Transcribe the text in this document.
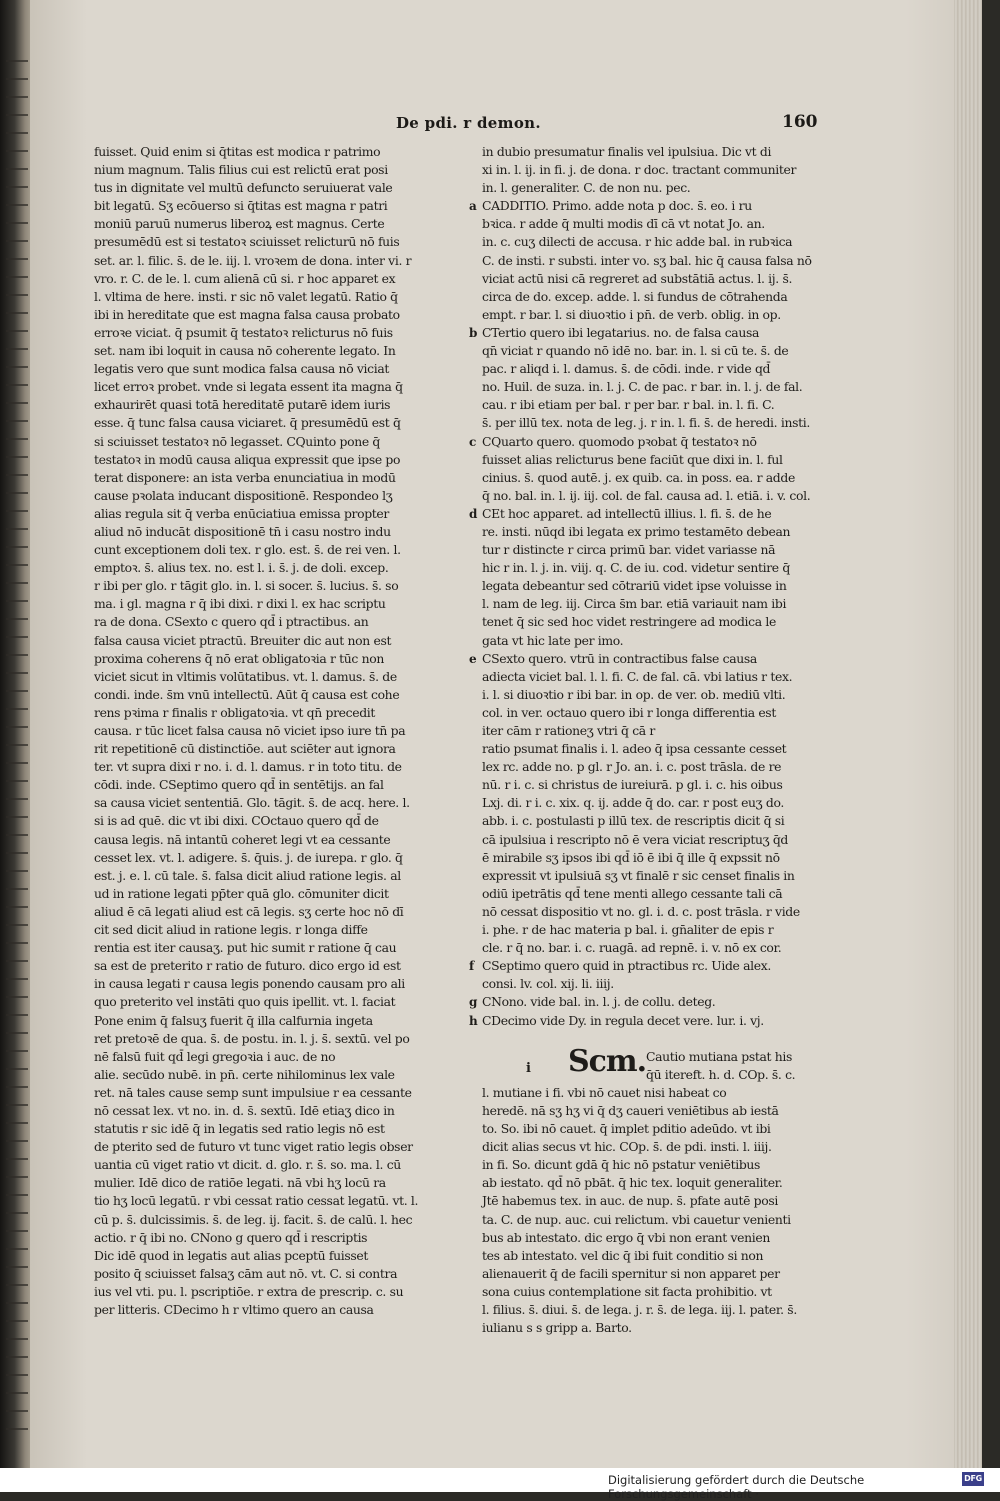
De pdi. r demon.	160
fuisset. Quid enim si q̄titas est modica r patrimo
nium magnum. Talis filius cui est relictū erat posi
tus in dignitate vel multū defuncto seruiuerat vale
bit legatū. Sʒ ecōuerso si q̄titas est magna r patri
moniū paruū numerus liberoꝝ est magnus. Certe
presumēdū est si testatoꝛ sciuisset relicturū nō fuis
set. ar. l. filic. s̄. de le. iij. l. vroꝛem de dona. inter vi. r
vro. r. C. de le. l. cum alienā cū si. r hoc apparet ex
l. vltima de here. insti. r sic nō valet legatū. Ratio q̄
ibi in hereditate que est magna falsa causa probato
erroꝛe viciat. q̄ psumit q̄ testatoꝛ relicturus nō fuis
set. nam ibi loquit in causa nō coherente legato. In
legatis vero que sunt modica falsa causa nō viciat
licet erroꝛ probet. vnde si legata essent ita magna q̄
exhaurirēt quasi totā hereditatē putarē idem iuris
esse. q̄ tunc falsa causa viciaret. q̄ presumēdū est q̄
si sciuisset testatoꝛ nō legasset. CQuinto pone q̄
testatoꝛ in modū causa aliqua expressit que ipse po
terat disponere: an ista verba enunciatiua in modū
cause pꝛolata inducant dispositionē. Respondeo lʒ
alias regula sit q̄ verba enūciatiua emissa propter
aliud nō inducāt dispositionē tn̄ i casu nostro indu
cunt exceptionem doli tex. r glo. est. s̄. de rei ven. l.
emptoꝛ. s̄. alius tex. no. est l. i. s̄. j. de doli. excep.
r ibi per glo. r tāgit glo. in. l. si socer. s̄. lucius. s̄. so
ma. i gl. magna r q̄ ibi dixi. r dixi l. ex hac scriptu
ra de dona. CSexto c quero qd̄ i ptractibus. an
falsa causa viciet ptractū. Breuiter dic aut non est
proxima coherens q̄ nō erat obligatoꝛia r tūc non
viciet sicut in vltimis volūtatibus. vt. l. damus. s̄. de
condi. inde. s̄m vnū intellectū. Aūt q̄ causa est cohe
rens pꝛima r finalis r obligatoꝛia. vt qn̄ precedit
causa. r tūc licet falsa causa nō viciet ipso iure tn̄ pa
rit repetitionē cū distinctiōe. aut sciēter aut ignora
ter. vt supra dixi r no. i. d. l. damus. r in toto titu. de
cōdi. inde. CSeptimo quero qd̄ in sentētijs. an fal
sa causa viciet sententiā. Glo. tāgit. s̄. de acq. here. l.
si is ad quē. dic vt ibi dixi. COctauo quero qd̄ de
causa legis. nā intantū coheret legi vt ea cessante
cesset lex. vt. l. adigere. s̄. q̄uis. j. de iurepa. r glo. q̄
est. j. e. l. cū tale. s̄. falsa dicit aliud ratione legis. al
ud in ratione legati pp̄ter quā glo. cōmuniter dicit
aliud ē cā legati aliud est cā legis. sʒ certe hoc nō dī
cit sed dicit aliud in ratione legis. r longa diffe
rentia est iter causaʒ. put hic sumit r ratione q̄ cau
sa est de preterito r ratio de futuro. dico ergo id est
in causa legati r causa legis ponendo causam pro ali
quo preterito vel instāti quo quis ipellit. vt. l. faciat
Pone enim q̄ falsuʒ fuerit q̄ illa calfurnia ingeta
ret pretoꝛē de qua. s̄. de postu. in. l. j. s̄. sextū. vel po
nē falsū fuit qd̄ legi gregoꝛia i auc. de no
alie. secūdo nubē. in pn̄. certe nihilominus lex vale
ret. nā tales cause semp sunt impulsiue r ea cessante
nō cessat lex. vt no. in. d. s̄. sextū. Idē etiaʒ dico in
statutis r sic idē q̄ in legatis sed ratio legis nō est
de pterito sed de futuro vt tunc viget ratio legis obser
uantia cū viget ratio vt dicit. d. glo. r. s̄. so. ma. l. cū
mulier. Idē dico de ratiōe legati. nā vbi hʒ locū ra
tio hʒ locū legatū. r vbi cessat ratio cessat legatū. vt. l.
cū p. s̄. dulcissimis. s̄. de leg. ij. facit. s̄. de calū. l. hec
actio. r q̄ ibi no. CNono g quero qd̄ i rescriptis
Dic idē quod in legatis aut alias pceptū fuisset
posito q̄ sciuisset falsaʒ cām aut nō. vt. C. si contra
ius vel vti. pu. l. pscriptiōe. r extra de prescrip. c. su
per litteris. CDecimo h r vltimo quero an causa
in dubio presumatur finalis vel ipulsiua. Dic vt di
xi in. l. ij. in fi. j. de dona. r doc. tractant communiter
in. l. generaliter. C. de non nu. pec.
a CADDITIO. Primo. adde nota p doc. s̄. eo. i ru
bꝛica. r adde q̄ multi modis dī cā vt notat Jo. an.
in. c. cuʒ dilecti de accusa. r hic adde bal. in rubꝛica
C. de insti. r substi. inter vo. sʒ bal. hic q̄ causa falsa nō
viciat actū nisi cā regreret ad substātiā actus. l. ij. s̄.
circa de do. excep. adde. l. si fundus de cōtrahenda
empt. r bar. l. si diuoꝛtio i pn̄. de verb. oblig. in op.
b CTertio quero ibi legatarius. no. de falsa causa
qn̄ viciat r quando nō idē no. bar. in. l. si cū te. s̄. de
pac. r aliqd i. l. damus. s̄. de cōdi. inde. r vide qd̄
no. Huil. de suza. in. l. j. C. de pac. r bar. in. l. j. de fal.
cau. r ibi etiam per bal. r per bar. r bal. in. l. fi. C.
s̄. per illū tex. nota de leg. j. r in. l. fi. s̄. de heredi. insti.
c CQuarto quero. quomodo pꝛobat q̄ testatoꝛ nō
fuisset alias relicturus bene faciūt que dixi in. l. ful
cinius. s̄. quod autē. j. ex quib. ca. in poss. ea. r adde
q̄ no. bal. in. l. ij. iij. col. de fal. causa ad. l. etiā. i. v. col.
d CEt hoc apparet. ad intellectū illius. l. fi. s̄. de he
re. insti. nūqd ibi legata ex primo testamēto debean
tur r distincte r circa primū bar. videt variasse nā
hic r in. l. j. in. viij. q. C. de iu. cod. videtur sentire q̄
legata debeantur sed cōtrariū videt ipse voluisse in
l. nam de leg. iij. Circa s̄m bar. etiā variauit nam ibi
tenet q̄ sic sed hoc videt restringere ad modica le
gata vt hic late per imo.
e CSexto quero. vtrū in contractibus false causa
adiecta viciet bal. l. l. fi. C. de fal. cā. vbi latius r tex.
i. l. si diuoꝛtio r ibi bar. in op. de ver. ob. mediū vlti.
col. in ver. octauo quero ibi r longa differentia est
iter cām r rationeʒ vtri q̄ cā r
ratio psumat finalis i. l. adeo q̄ ipsa cessante cesset
lex rc. adde no. p gl. r Jo. an. i. c. post trāsla. de re
nū. r i. c. si christus de iureiurā. p gl. i. c. his oibus
Lxj. di. r i. c. xix. q. ij. adde q̄ do. car. r post euʒ do.
abb. i. c. postulasti p illū tex. de rescriptis dicit q̄ si
cā ipulsiua i rescripto nō ē vera viciat rescriptuʒ q̄d
ē mirabile sʒ ipsos ibi qd̄ iō ē ibi q̄ ille q̄ expssit nō
expressit vt ipulsiuā sʒ vt finalē r sic censet finalis in
odiū ipetrātis qd̄ tene menti allego cessante tali cā
nō cessat dispositio vt no. gl. i. d. c. post trāsla. r vide
i. phe. r de hac materia p bal. i. gn̄aliter de epis r
cle. r q̄ no. bar. i. c. ruagā. ad repnē. i. v. nō ex cor.
f CSeptimo quero quid in ptractibus rc. Uide alex.
consi. lv. col. xij. li. iiij.
g CNono. vide bal. in. l. j. de collu. deteg.
h CDecimo vide Dy. in regula decet vere. lur. i. vj.
i Scm. Cautio mutiana pstat his
q̄ū itereft. h. d. COp. s̄. c.
l. mutiane i fi. vbi nō cauet nisi habeat co
heredē. nā sʒ hʒ vi q̄ dʒ caueri veniētibus ab iestā
to. So. ibi nō cauet. q̄ implet pditio adeūdo. vt ibi
dicit alias secus vt hic. COp. s̄. de pdi. insti. l. iiij.
in fi. So. dicunt gdā q̄ hic nō pstatur veniētibus
ab iestato. qd̄ nō pbāt. q̄ hic tex. loquit generaliter.
Jtē habemus tex. in auc. de nup. s̄. pfate autē posi
ta. C. de nup. auc. cui relictum. vbi cauetur venienti
bus ab intestato. dic ergo q̄ vbi non erant venien
tes ab intestato. vel dic q̄ ibi fuit conditio si non
alienauerit q̄ de facili spernitur si non apparet per
sona cuius contemplatione sit facta prohibitio. vt
l. filius. s̄. diui. s̄. de lega. j. r. s̄. de lega. iij. l. pater. s̄.
iulianu s s gripp a. Barto.
Digitalisierung gefördert durch die Deutsche Forschungsgemeinschaft ·
DFG
